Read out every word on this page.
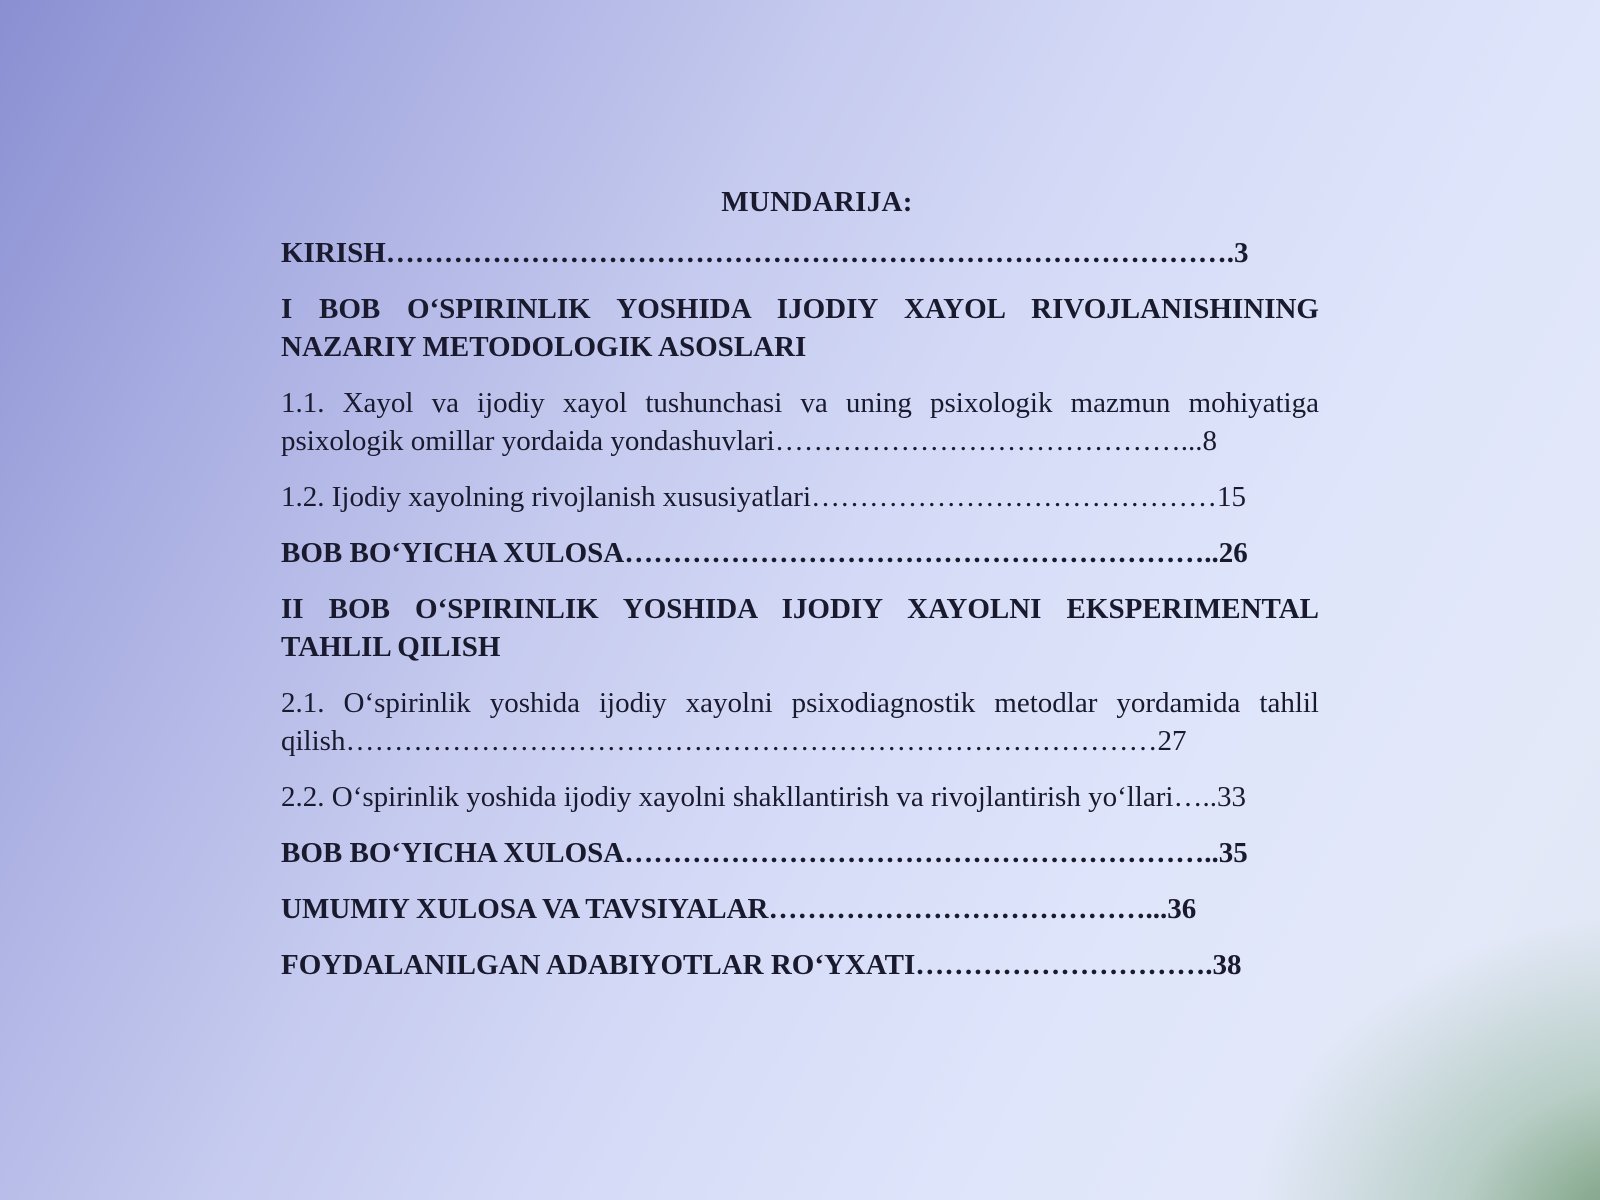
MUNDARIJA:
KIRISH…………………………………………………………………………….3
I BOB O‘SPIRINLIK YOSHIDA IJODIY XAYOL RIVOJLANISHINING NAZARIY METODOLOGIK ASOSLARI
1.1. Xayol va ijodiy xayol tushunchasi va uning psixologik mazmun mohiyatiga psixologik omillar yordaida yondashuvlari……………………………………...8
1.2. Ijodiy xayolning rivojlanish xususiyatlari……………………………………15
BOB BO‘YICHA XULOSA……………………………………………………..26
II BOB O‘SPIRINLIK YOSHIDA IJODIY XAYOLNI EKSPERIMENTAL TAHLIL QILISH
2.1. O‘spirinlik yoshida ijodiy xayolni psixodiagnostik metodlar yordamida tahlil qilish…………………………………………………………………………27
2.2. O‘spirinlik yoshida ijodiy xayolni shakllantirish va rivojlantirish yo‘llari…..33
BOB BO‘YICHA XULOSA……………………………………………………..35
UMUMIY XULOSA VA TAVSIYALAR…………………………………...36
FOYDALANILGAN ADABIYOTLAR RO‘YXATI………………………….38
